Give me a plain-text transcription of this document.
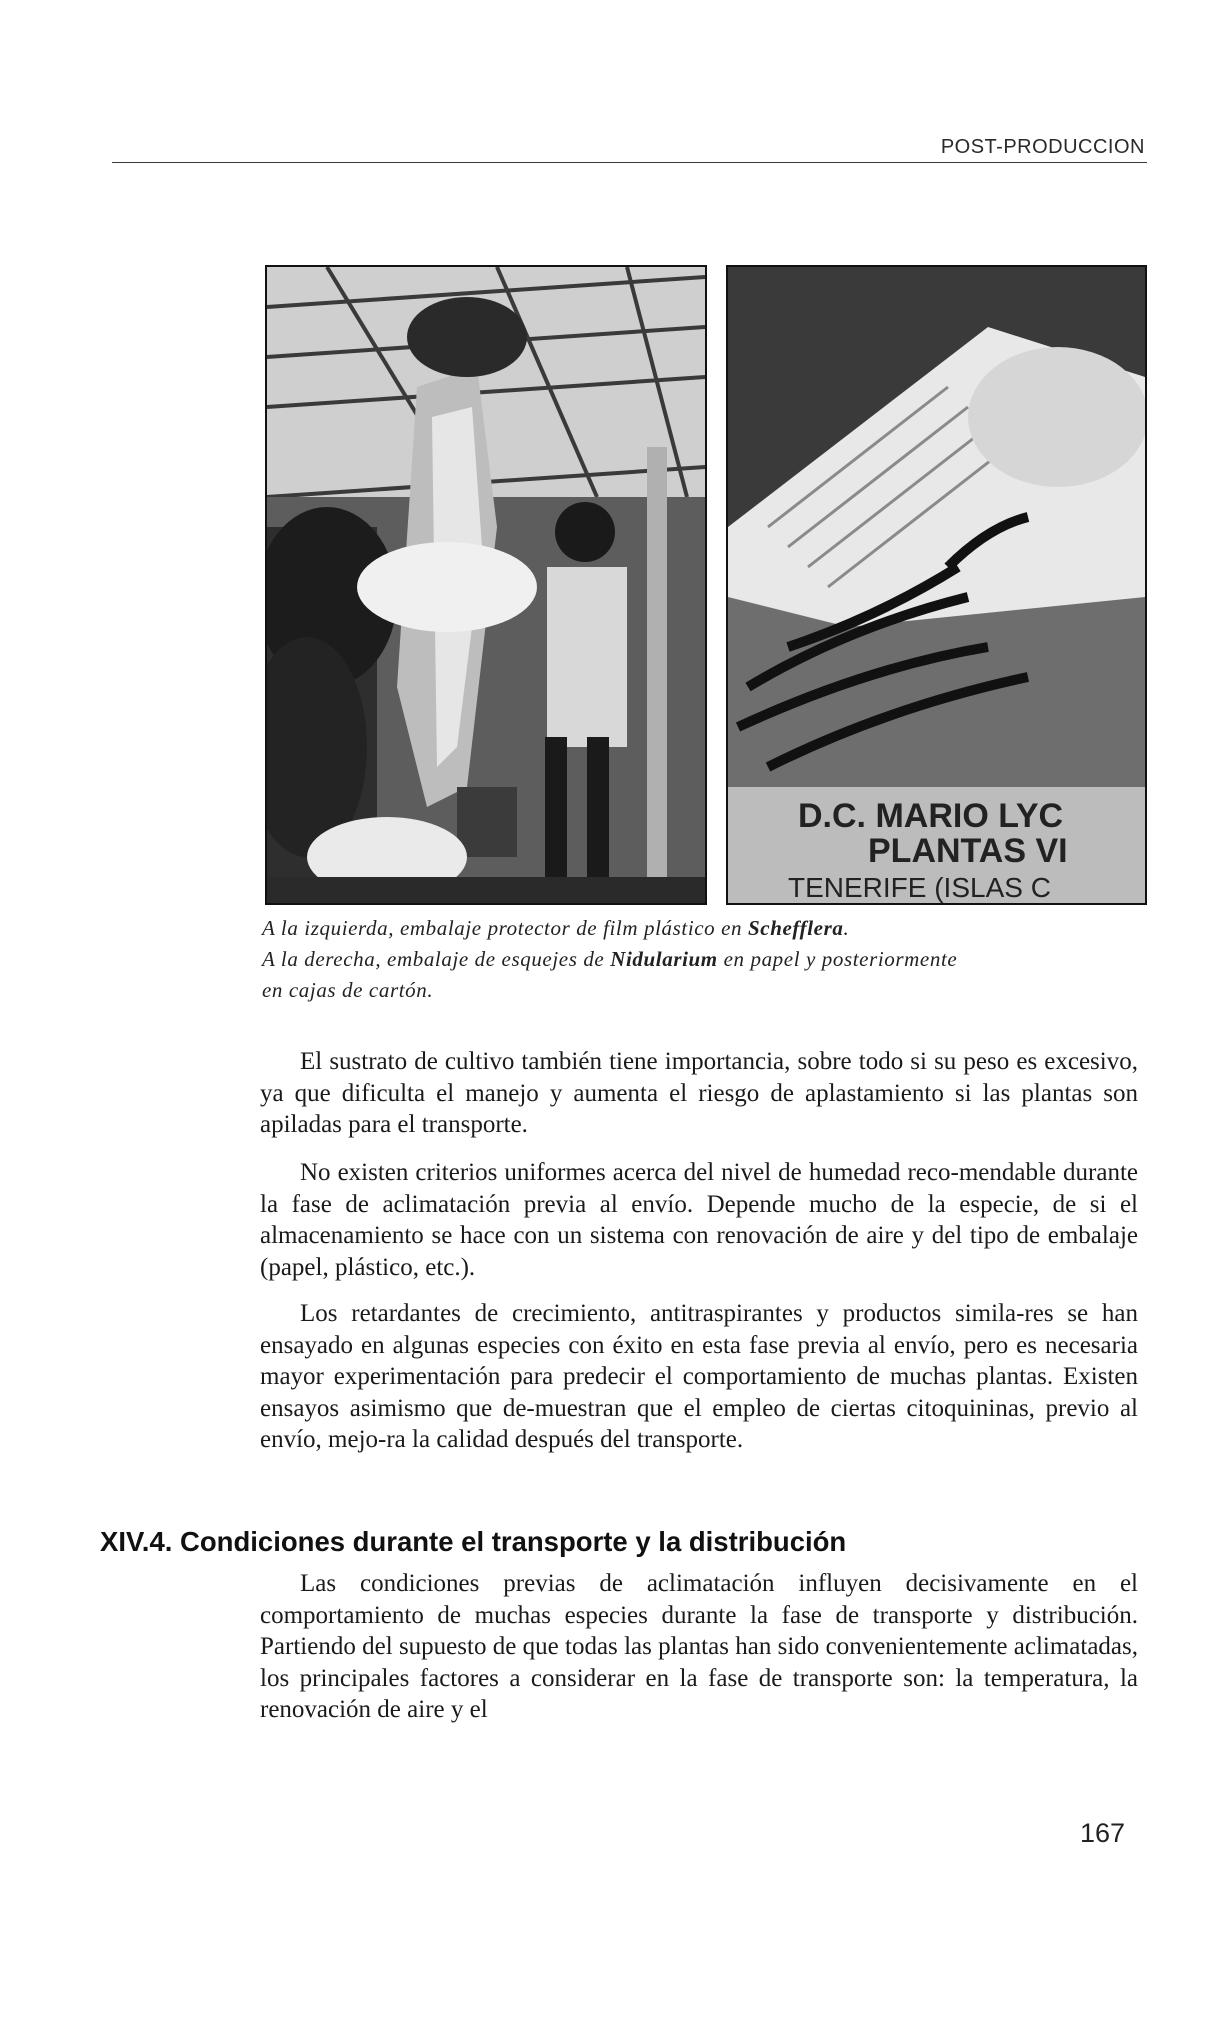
POST-PRODUCCION
D.C. MARIO LYC
PLANTAS VI
TENERIFE (ISLAS C
A la izquierda, embalaje protector de film plástico en Schefflera.
A la derecha, embalaje de esquejes de Nidularium en papel y posteriormente
en cajas de cartón.

El sustrato de cultivo también tiene importancia, sobre todo si su peso es excesivo, ya que dificulta el manejo y aumenta el riesgo de aplastamiento si las plantas son apiladas para el transporte.

No existen criterios uniformes acerca del nivel de humedad reco-mendable durante la fase de aclimatación previa al envío. Depende mucho de la especie, de si el almacenamiento se hace con un sistema con renovación de aire y del tipo de embalaje (papel, plástico, etc.).

Los retardantes de crecimiento, antitraspirantes y productos simila-res se han ensayado en algunas especies con éxito en esta fase previa al envío, pero es necesaria mayor experimentación para predecir el comportamiento de muchas plantas. Existen ensayos asimismo que de-muestran que el empleo de ciertas citoquininas, previo al envío, mejo-ra la calidad después del transporte.

XIV.4. Condiciones durante el transporte y la distribución

Las condiciones previas de aclimatación influyen decisivamente en el comportamiento de muchas especies durante la fase de transporte y distribución. Partiendo del supuesto de que todas las plantas han sido convenientemente aclimatadas, los principales factores a considerar en la fase de transporte son: la temperatura, la renovación de aire y el

167
